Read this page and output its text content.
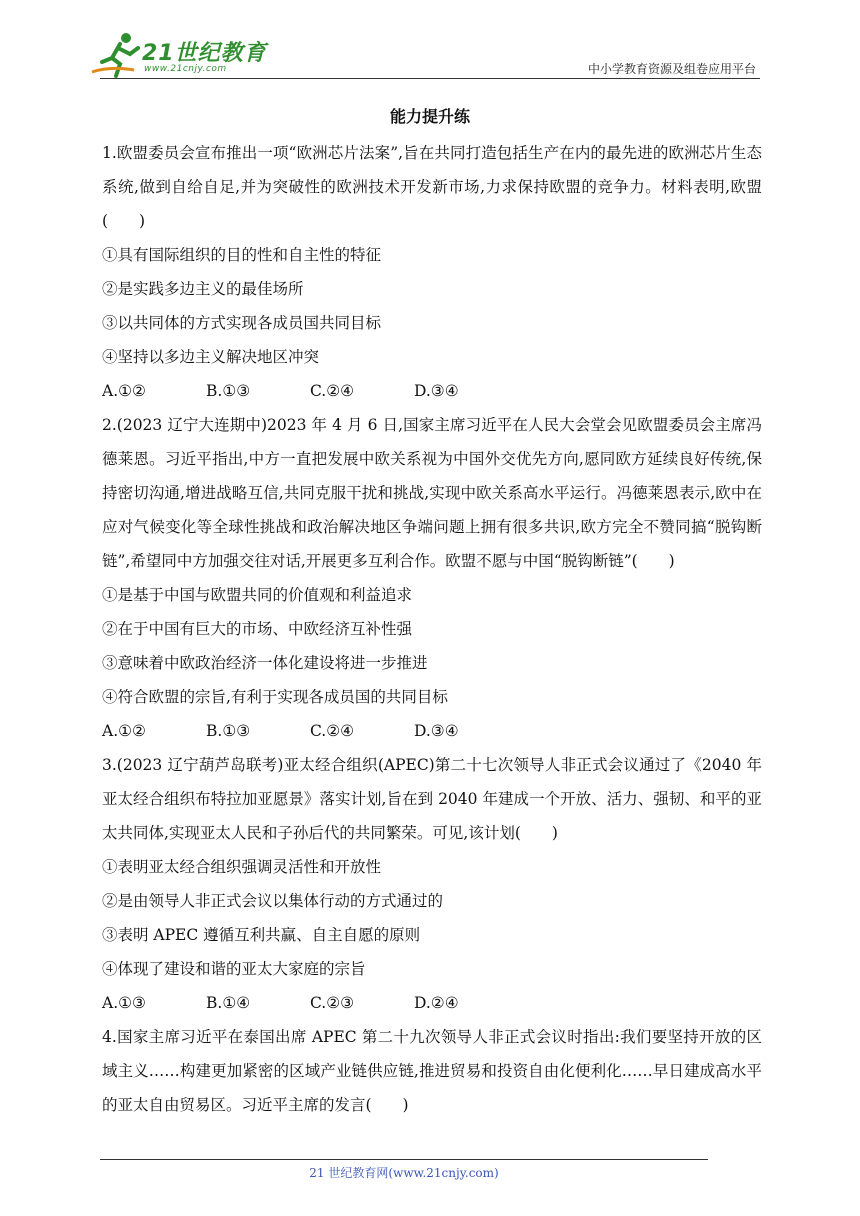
21世纪教育
www.21cnjy.com	中小学教育资源及组卷应用平台
能力提升练

1.欧盟委员会宣布推出一项“欧洲芯片法案”,旨在共同打造包括生产在内的最先进的欧洲芯片生态系统,做到自给自足,并为突破性的欧洲技术开发新市场,力求保持欧盟的竞争力。材料表明,欧盟(　　)

①具有国际组织的目的性和自主性的特征

②是实践多边主义的最佳场所

③以共同体的方式实现各成员国共同目标

④坚持以多边主义解决地区冲突

A.①②	B.①③	C.②④	D.③④

2.(2023 辽宁大连期中)2023 年 4 月 6 日,国家主席习近平在人民大会堂会见欧盟委员会主席冯德莱恩。习近平指出,中方一直把发展中欧关系视为中国外交优先方向,愿同欧方延续良好传统,保持密切沟通,增进战略互信,共同克服干扰和挑战,实现中欧关系高水平运行。冯德莱恩表示,欧中在应对气候变化等全球性挑战和政治解决地区争端问题上拥有很多共识,欧方完全不赞同搞“脱钩断链”,希望同中方加强交往对话,开展更多互利合作。欧盟不愿与中国“脱钩断链”(　　)

①是基于中国与欧盟共同的价值观和利益追求

②在于中国有巨大的市场、中欧经济互补性强

③意味着中欧政治经济一体化建设将进一步推进

④符合欧盟的宗旨,有利于实现各成员国的共同目标

A.①②	B.①③	C.②④	D.③④

3.(2023 辽宁葫芦岛联考)亚太经合组织(APEC)第二十七次领导人非正式会议通过了《2040 年亚太经合组织布特拉加亚愿景》落实计划,旨在到 2040 年建成一个开放、活力、强韧、和平的亚太共同体,实现亚太人民和子孙后代的共同繁荣。可见,该计划(　　)

①表明亚太经合组织强调灵活性和开放性

②是由领导人非正式会议以集体行动的方式通过的

③表明 APEC 遵循互利共赢、自主自愿的原则

④体现了建设和谐的亚太大家庭的宗旨

A.①③	B.①④	C.②③	D.②④

4.国家主席习近平在泰国出席 APEC 第二十九次领导人非正式会议时指出:我们要坚持开放的区域主义……构建更加紧密的区域产业链供应链,推进贸易和投资自由化便利化……早日建成高水平的亚太自由贸易区。习近平主席的发言(　　)

21 世纪教育网(www.21cnjy.com)
